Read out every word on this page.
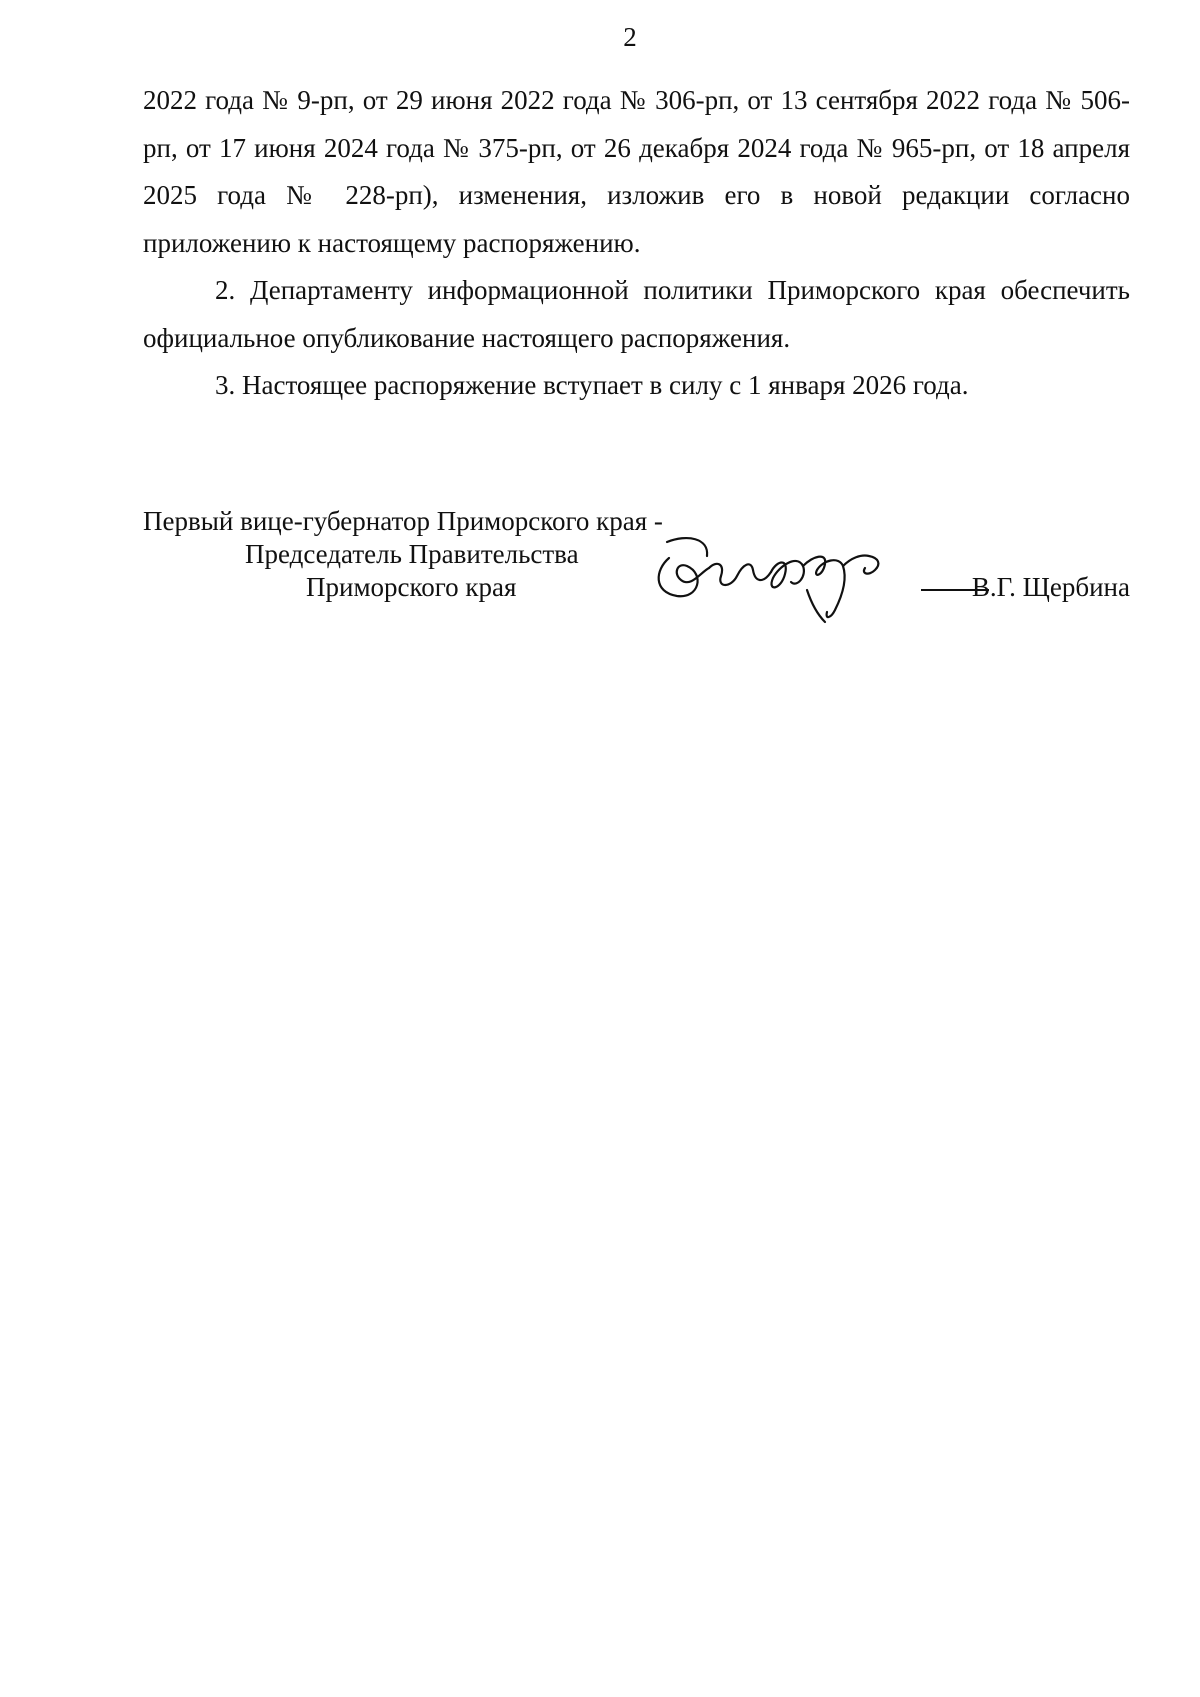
2

2022 года № 9-рп, от 29 июня 2022 года № 306-рп, от 13 сентября 2022 года № 506-рп, от 17 июня 2024 года № 375-рп, от 26 декабря 2024 года № 965-рп, от 18 апреля 2025 года № 228-рп), изменения, изложив его в новой редакции согласно приложению к настоящему распоряжению.

2. Департаменту информационной политики Приморского края обеспечить официальное опубликование настоящего распоряжения.

3. Настоящее распоряжение вступает в силу с 1 января 2026 года.

Первый вице-губернатор Приморского края -
Председатель Правительства
Приморского края	В.Г. Щербина
